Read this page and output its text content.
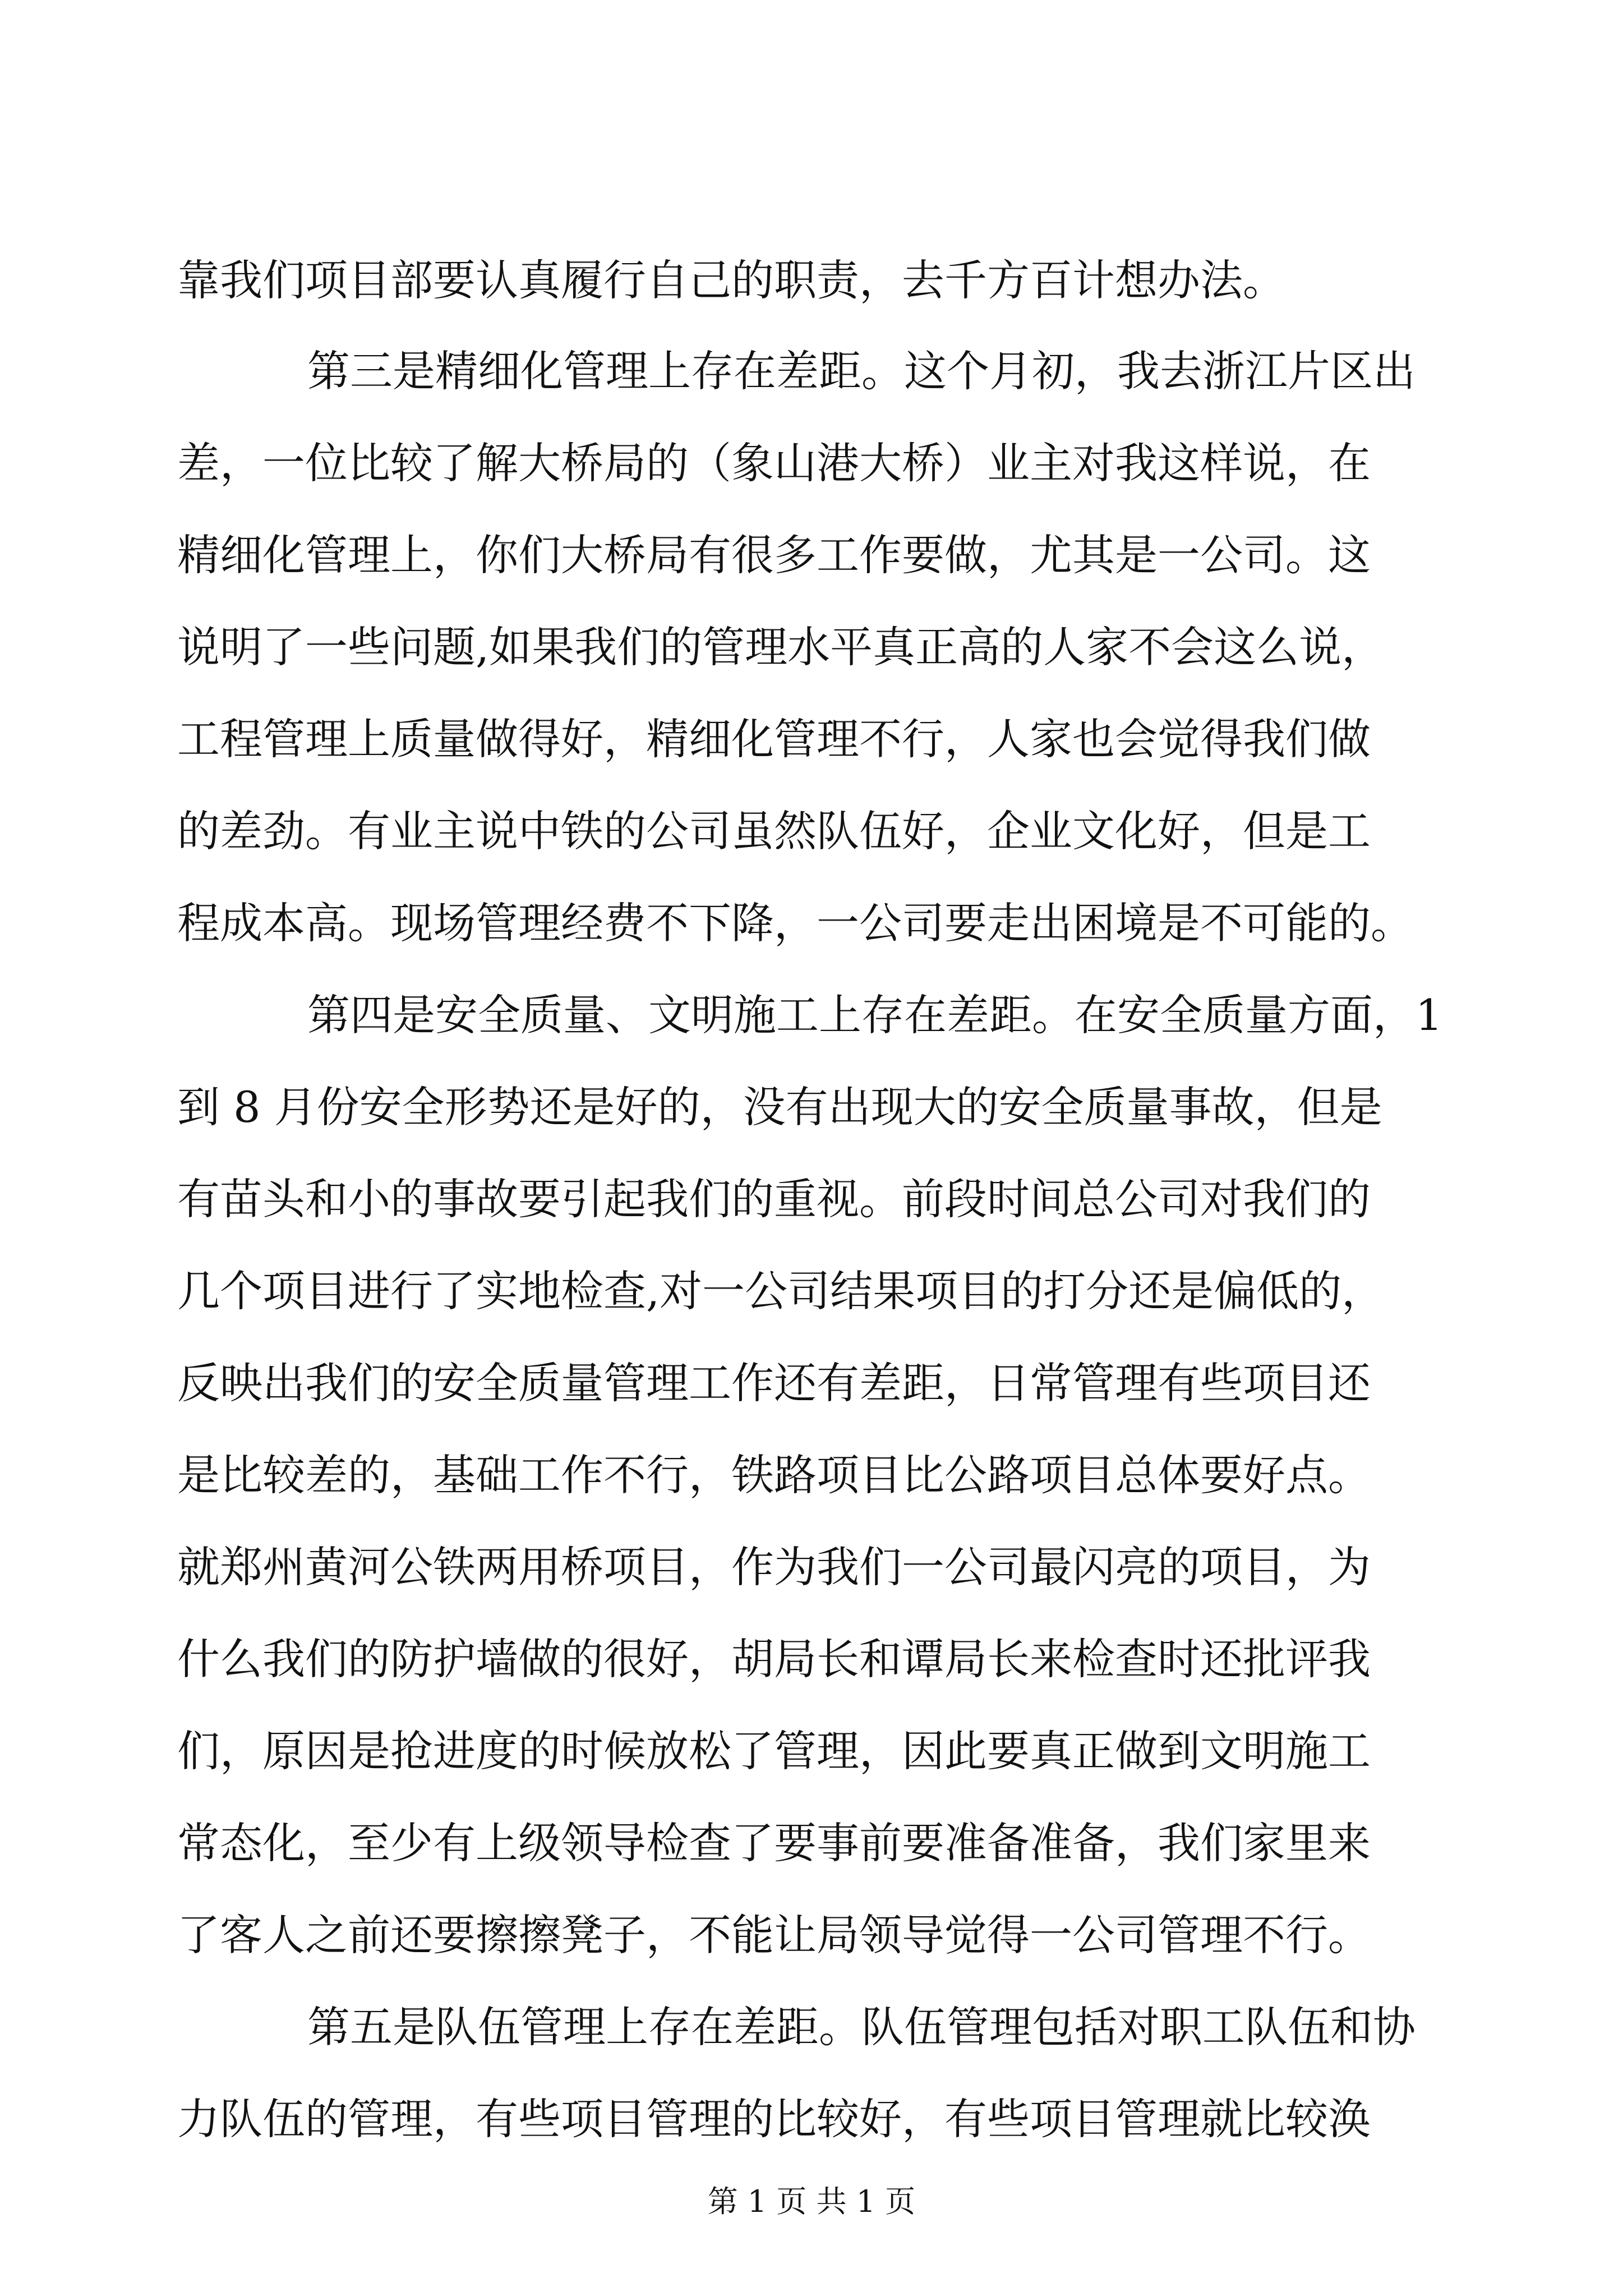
靠我们项目部要认真履行自己的职责，去千方百计想办法。
第三是精细化管理上存在差距。这个月初，我去浙江片区出
差，一位比较了解大桥局的（象山港大桥）业主对我这样说，在
精细化管理上，你们大桥局有很多工作要做，尤其是一公司。这
说明了一些问题,如果我们的管理水平真正高的人家不会这么说，
工程管理上质量做得好，精细化管理不行，人家也会觉得我们做
的差劲。有业主说中铁的公司虽然队伍好，企业文化好，但是工
程成本高。现场管理经费不下降，一公司要走出困境是不可能的。
第四是安全质量、文明施工上存在差距。在安全质量方面，1
到 8 月份安全形势还是好的，没有出现大的安全质量事故，但是
有苗头和小的事故要引起我们的重视。前段时间总公司对我们的
几个项目进行了实地检查,对一公司结果项目的打分还是偏低的，
反映出我们的安全质量管理工作还有差距，日常管理有些项目还
是比较差的，基础工作不行，铁路项目比公路项目总体要好点。
就郑州黄河公铁两用桥项目，作为我们一公司最闪亮的项目，为
什么我们的防护墙做的很好，胡局长和谭局长来检查时还批评我
们，原因是抢进度的时候放松了管理，因此要真正做到文明施工
常态化，至少有上级领导检查了要事前要准备准备，我们家里来
了客人之前还要擦擦凳子，不能让局领导觉得一公司管理不行。
第五是队伍管理上存在差距。队伍管理包括对职工队伍和协
力队伍的管理，有些项目管理的比较好，有些项目管理就比较涣
第 1 页 共 1 页
